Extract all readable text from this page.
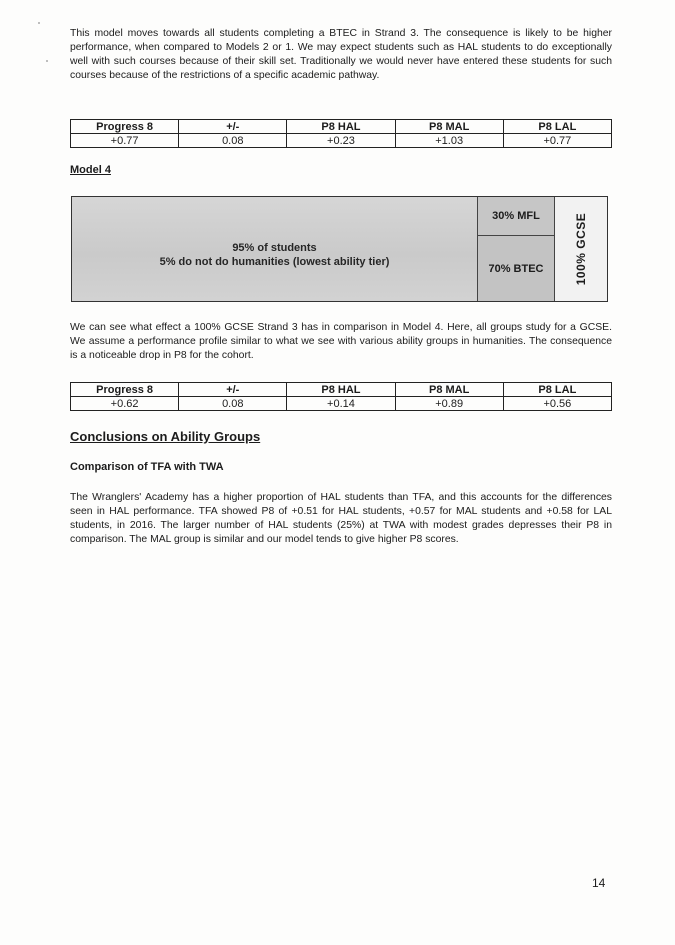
This model moves towards all students completing a BTEC in Strand 3. The consequence is likely to be higher performance, when compared to Models 2 or 1. We may expect students such as HAL students to do exceptionally well with such courses because of their skill set. Traditionally we would never have entered these students for such courses because of the restrictions of a specific academic pathway.

Progress 8	+/-	P8 HAL	P8 MAL	P8 LAL
+0.77	0.08	+0.23	+1.03	+0.77
Model 4
95% of students
5% do not do humanities (lowest ability tier)
30% MFL
70% BTEC	100% GCSE

We can see what effect a 100% GCSE Strand 3 has in comparison in Model 4. Here, all groups study for a GCSE. We assume a performance profile similar to what we see with various ability groups in humanities. The consequence is a noticeable drop in P8 for the cohort.

Progress 8	+/-	P8 HAL	P8 MAL	P8 LAL
+0.62	0.08	+0.14	+0.89	+0.56
Conclusions on Ability Groups
Comparison of TFA with TWA

The Wranglers' Academy has a higher proportion of HAL students than TFA, and this accounts for the differences seen in HAL performance. TFA showed P8 of +0.51 for HAL students, +0.57 for MAL students and +0.58 for LAL students, in 2016. The larger number of HAL students (25%) at TWA with modest grades depresses their P8 in comparison. The MAL group is similar and our model tends to give higher P8 scores.

14
